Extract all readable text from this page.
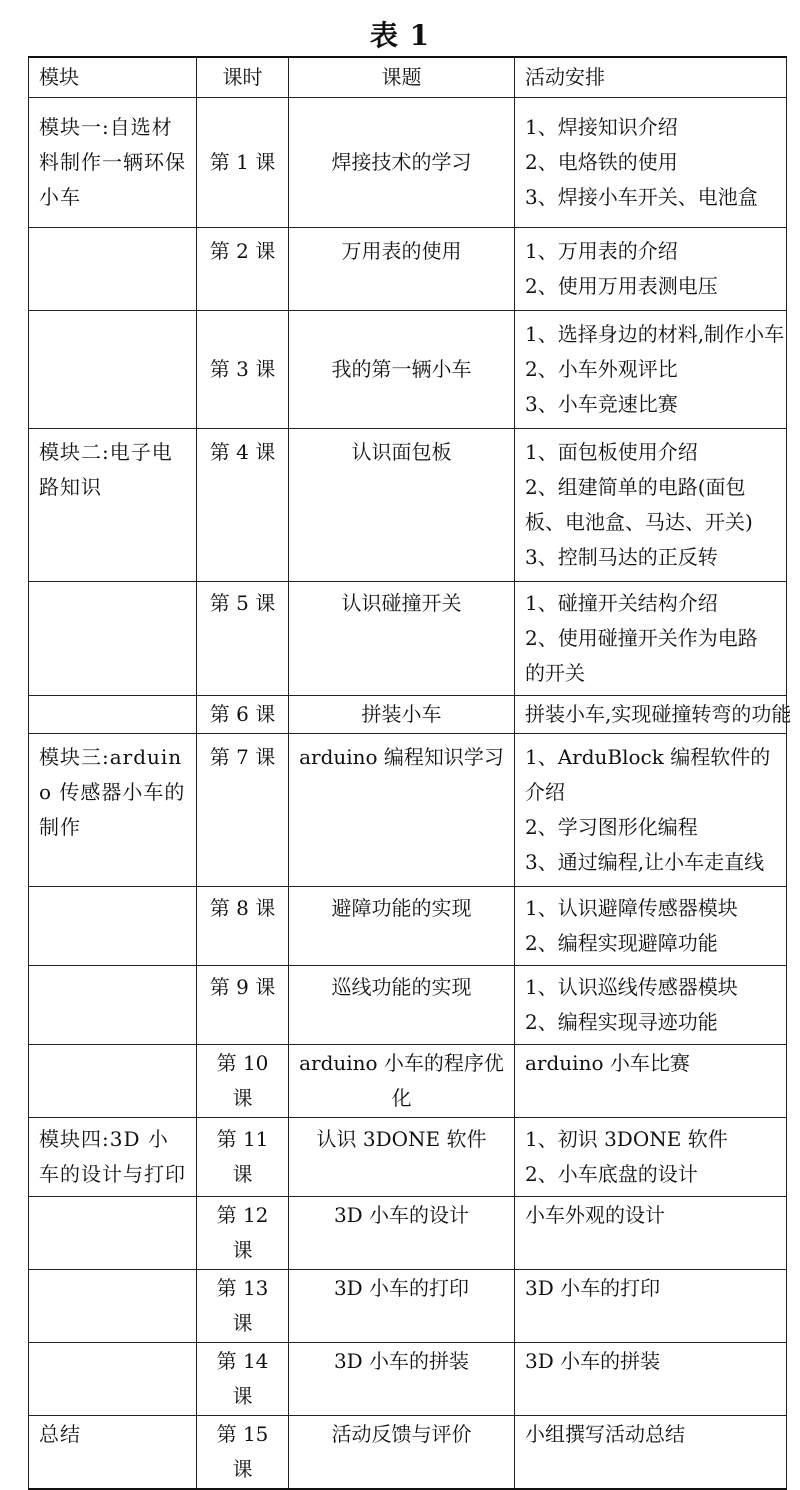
表 1
模块	课时	课题	活动安排
模块一:自选材料制作一辆环保小车	第 1 课	焊接技术的学习	1、焊接知识介绍
2、电烙铁的使用
3、焊接小车开关、电池盒

	第 2 课	万用表的使用	1、万用表的介绍
2、使用万用表测电压

	第 3 课	我的第一辆小车	1、选择身边的材料,制作小车
2、小车外观评比
3、小车竞速比赛

模块二:电子电路知识	第 4 课	认识面包板	1、面包板使用介绍
2、组建简单的电路(面包板、电池盒、马达、开关)
3、控制马达的正反转

	第 5 课	认识碰撞开关	1、碰撞开关结构介绍
2、使用碰撞开关作为电路的开关

	第 6 课	拼装小车	拼装小车,实现碰撞转弯的功能

模块三:arduino 传感器小车的制作	第 7 课	arduino 编程知识学习	1、ArduBlock 编程软件的介绍
2、学习图形化编程
3、通过编程,让小车走直线

	第 8 课	避障功能的实现	1、认识避障传感器模块
2、编程实现避障功能

	第 9 课	巡线功能的实现	1、认识巡线传感器模块
2、编程实现寻迹功能

	第 10 课	arduino 小车的程序优化	arduino 小车比赛

模块四:3D 小车的设计与打印	第 11 课	认识 3DONE 软件	1、初识 3DONE 软件
2、小车底盘的设计

	第 12 课	3D 小车的设计	小车外观的设计

	第 13 课	3D 小车的打印	3D 小车的打印

	第 14 课	3D 小车的拼装	3D 小车的拼装

总结	第 15 课	活动反馈与评价	小组撰写活动总结
